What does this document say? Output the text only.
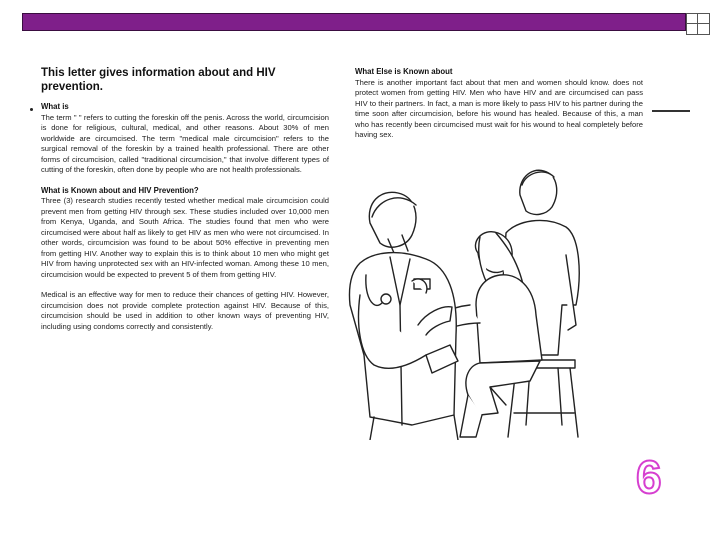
This letter gives information about and HIV prevention.
What is

The term " " refers to cutting the foreskin off the penis. Across the world, circumcision is done for religious, cultural, medical, and other reasons. About 30% of men worldwide are circumcised. The term "medical male circumcision" refers to the surgical removal of the foreskin by a trained health professional. There are other forms of circumcision, called "traditional circumcision," that involve different types of cutting of the foreskin, often done by people who are not health professionals.

What is Known about and HIV Prevention?

Three (3) research studies recently tested whether medical male circumcision could prevent men from getting HIV through sex. These studies included over 10,000 men from Kenya, Uganda, and South Africa. The studies found that men who were circumcised were about half as likely to get HIV as men who were not circumcised. In other words, circumcision was found to be about 50% effective in preventing men from getting HIV. Another way to explain this is to think about 10 men who might get HIV from having unprotected sex with an HIV-infected woman. Among these 10 men, circumcision would be expected to prevent 5 of them from getting HIV.

Medical is an effective way for men to reduce their chances of getting HIV. However, circumcision does not provide complete protection against HIV. Because of this, circumcision should be used in addition to other known ways of preventing HIV, including using condoms correctly and consistently.

What Else is Known about

There is another important fact about that men and women should know. does not protect women from getting HIV. Men who have HIV and are circumcised can pass HIV to their partners. In fact, a man is more likely to pass HIV to his partner during the time soon after circumcision, before his wound has healed. Because of this, a man who has recently been circumcised must wait for his wound to heal completely before having sex.

6
